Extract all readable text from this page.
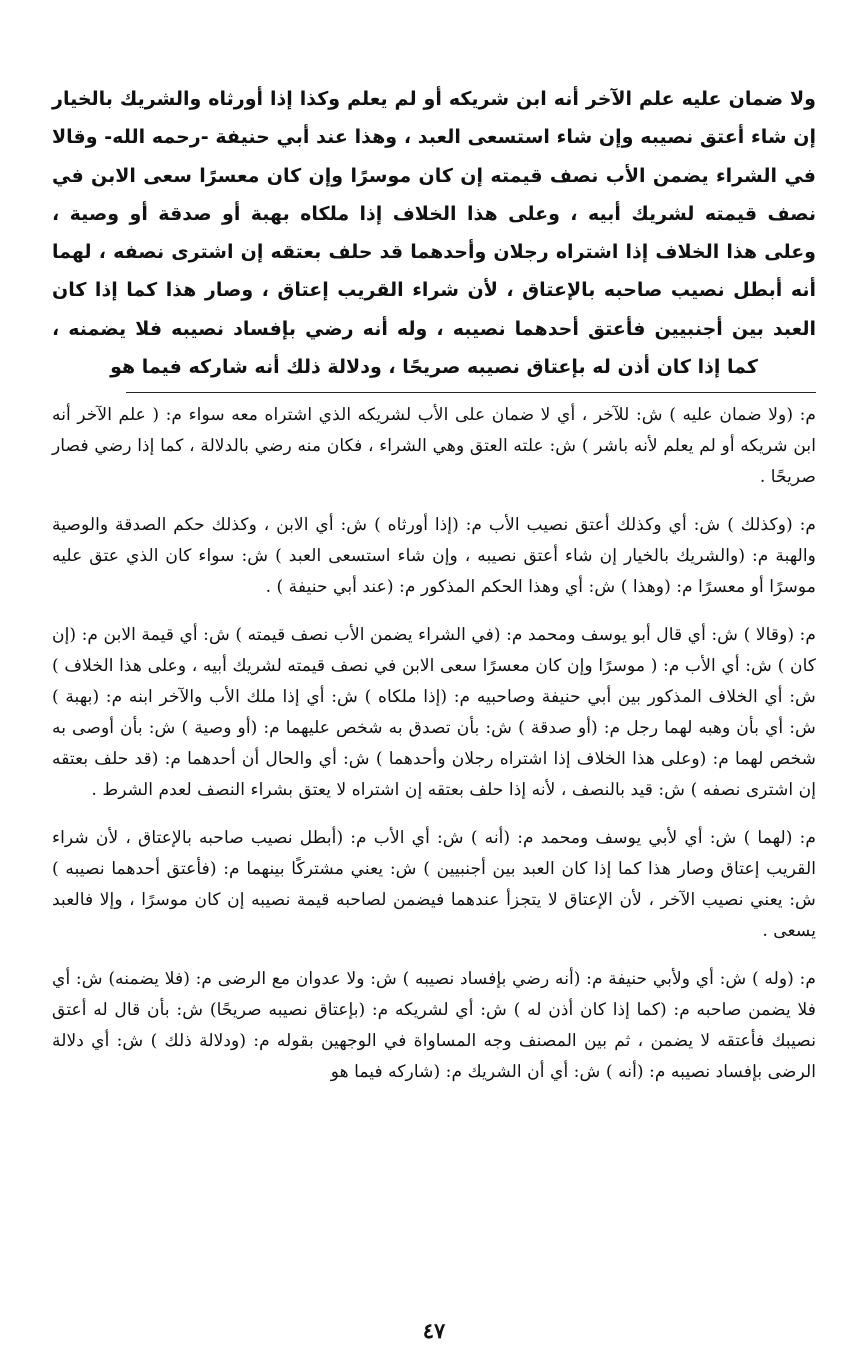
ولا ضمان عليه علم الآخر أنه ابن شريكه أو لم يعلم وكذا إذا أورثاه والشريك بالخيار إن شاء أعتق نصيبه وإن شاء استسعى العبد ، وهذا عند أبي حنيفة -رحمه الله- وقالا في الشراء يضمن الأب نصف قيمته إن كان موسرًا وإن كان معسرًا سعى الابن في نصف قيمته لشريك أبيه ، وعلى هذا الخلاف إذا ملكاه بهبة أو صدقة أو وصية ، وعلى هذا الخلاف إذا اشتراه رجلان وأحدهما قد حلف بعتقه إن اشترى نصفه ، لهما أنه أبطل نصيب صاحبه بالإعتاق ، لأن شراء القريب إعتاق ، وصار هذا كما إذا كان العبد بين أجنبيين فأعتق أحدهما نصيبه ، وله أنه رضي بإفساد نصيبه فلا يضمنه ، كما إذا كان أذن له بإعتاق نصيبه صريحًا ، ودلالة ذلك أنه شاركه فيما هو

م: (ولا ضمان عليه ) ش: للآخر ، أي لا ضمان على الأب لشريكه الذي اشتراه معه سواء م: ( علم الآخر أنه ابن شريكه أو لم يعلم لأنه باشر ) ش: علته العتق وهي الشراء ، فكان منه رضي بالدلالة ، كما إذا رضي فصار صريحًا .

م: (وكذلك ) ش: أي وكذلك أعتق نصيب الأب م: (إذا أورثاه ) ش: أي الابن ، وكذلك حكم الصدقة والوصية والهبة م: (والشريك بالخيار إن شاء أعتق نصيبه ، وإن شاء استسعى العبد ) ش: سواء كان الذي عتق عليه موسرًا أو معسرًا م: (وهذا ) ش: أي وهذا الحكم المذكور م: (عند أبي حنيفة ) .

م: (وقالا ) ش: أي قال أبو يوسف ومحمد م: (في الشراء يضمن الأب نصف قيمته ) ش: أي قيمة الابن م: (إن كان ) ش: أي الأب م: ( موسرًا وإن كان معسرًا سعى الابن في نصف قيمته لشريك أبيه ، وعلى هذا الخلاف ) ش: أي الخلاف المذكور بين أبي حنيفة وصاحبيه م: (إذا ملكاه ) ش: أي إذا ملك الأب والآخر ابنه م: (بهبة ) ش: أي بأن وهبه لهما رجل م: (أو صدقة ) ش: بأن تصدق به شخص عليهما م: (أو وصية ) ش: بأن أوصى به شخص لهما م: (وعلى هذا الخلاف إذا اشتراه رجلان وأحدهما ) ش: أي والحال أن أحدهما م: (قد حلف بعتقه إن اشترى نصفه ) ش: قيد بالنصف ، لأنه إذا حلف بعتقه إن اشتراه لا يعتق بشراء النصف لعدم الشرط .

م: (لهما ) ش: أي لأبي يوسف ومحمد م: (أنه ) ش: أي الأب م: (أبطل نصيب صاحبه بالإعتاق ، لأن شراء القريب إعتاق وصار هذا كما إذا كان العبد بين أجنبيين ) ش: يعني مشتركًا بينهما م: (فأعتق أحدهما نصيبه ) ش: يعني نصيب الآخر ، لأن الإعتاق لا يتجزأ عندهما فيضمن لصاحبه قيمة نصيبه إن كان موسرًا ، وإلا فالعبد يسعى .

م: (وله ) ش: أي ولأبي حنيفة م: (أنه رضي بإفساد نصيبه ) ش: ولا عدوان مع الرضى م: (فلا يضمنه) ش: أي فلا يضمن صاحبه م: (كما إذا كان أذن له ) ش: أي لشريكه م: (بإعتاق نصيبه صريحًا) ش: بأن قال له أعتق نصيبك فأعتقه لا يضمن ، ثم بين المصنف وجه المساواة في الوجهين بقوله م: (ودلالة ذلك ) ش: أي دلالة الرضى بإفساد نصيبه م: (أنه ) ش: أي أن الشريك م: (شاركه فيما هو

٤٧
